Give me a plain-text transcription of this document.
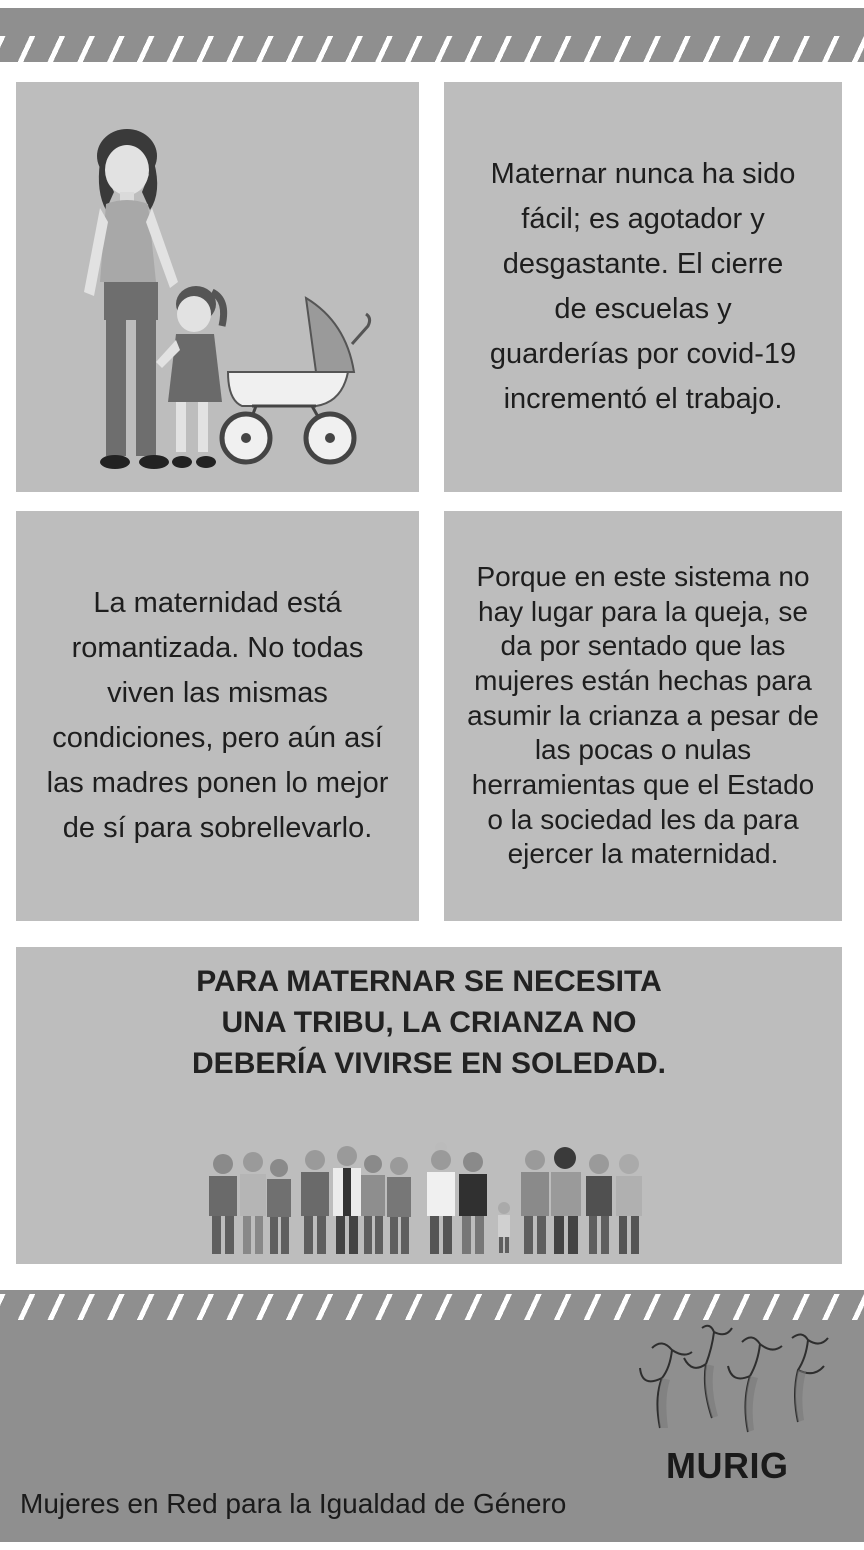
Maternar nunca ha sido fácil; es agotador y desgastante. El cierre de escuelas y guarderías por covid-19 incrementó el trabajo.
La maternidad está romantizada. No todas viven las mismas condiciones, pero aún así las madres ponen lo mejor de sí para sobrellevarlo.
Porque en este sistema no hay lugar para la queja, se da por sentado que las mujeres están hechas para asumir la crianza a pesar de las pocas o nulas herramientas que el Estado o la sociedad les da para ejercer la maternidad.
PARA MATERNAR SE NECESITA UNA TRIBU, LA CRIANZA NO DEBERÍA VIVIRSE EN SOLEDAD.
MURIG
Mujeres en Red para la Igualdad de Género
